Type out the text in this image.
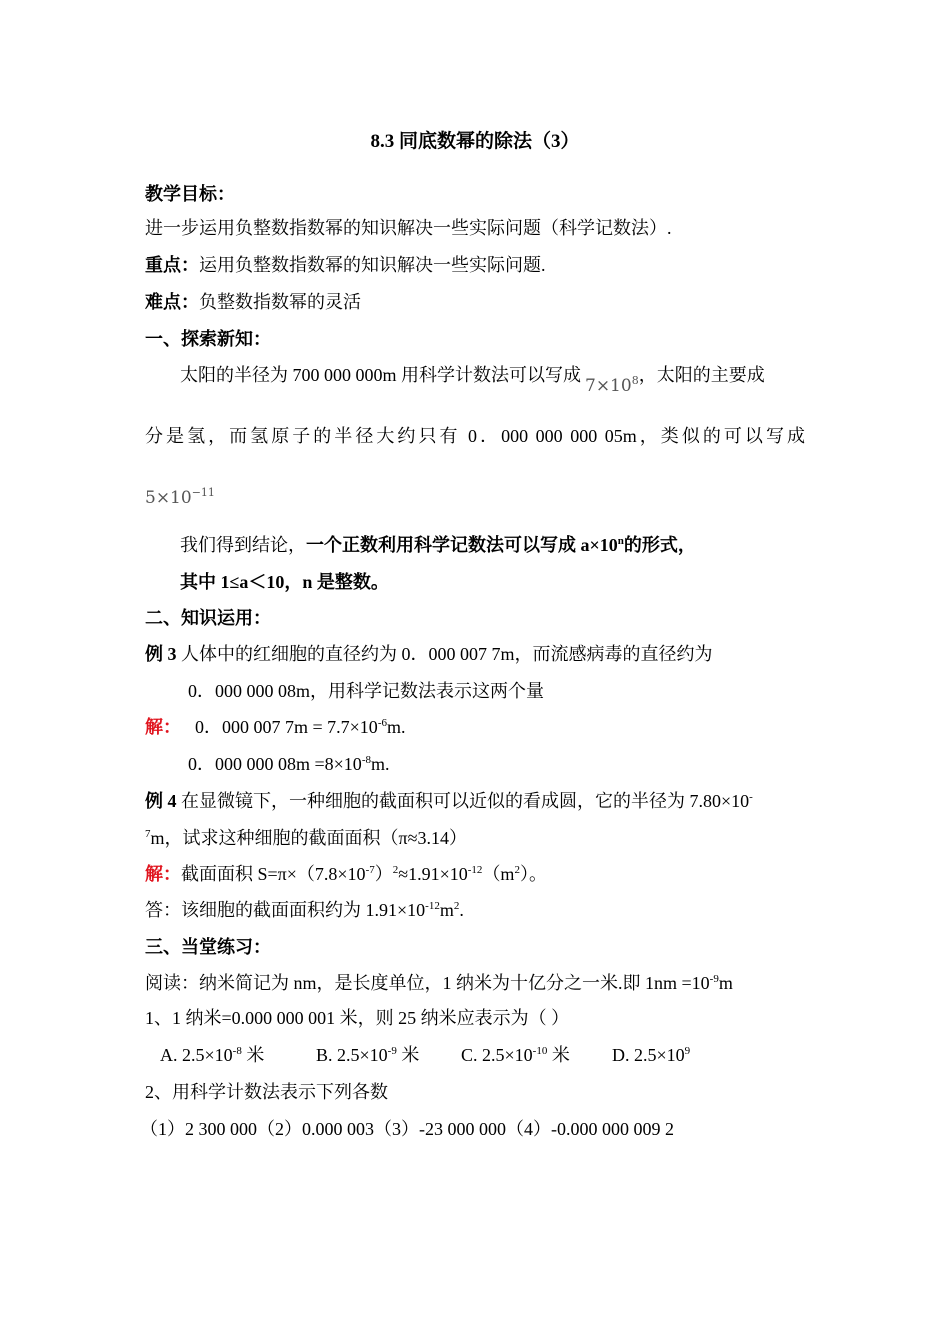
8.3 同底数幂的除法（3）
教学目标：
进一步运用负整数指数幂的知识解决一些实际问题（科学记数法）.
重点：运用负整数指数幂的知识解决一些实际问题.
难点：负整数指数幂的灵活
一、探索新知：
太阳的半径为 700 000 000m 用科学计数法可以写成$7\times 10^8$，太阳的主要成
分是氢，而氢原子的半径大约只有 0．000 000 000 05m，类似的可以写成
$5\times 10^{-11}$
我们得到结论，一个正数利用科学记数法可以写成 $a\times 10^n$的形式，
其中 1≤a＜10，n 是整数。
二、知识运用：
例 3 人体中的红细胞的直径约为 0．000 007 7m，而流感病毒的直径约为
0．000 000 08m，用科学记数法表示这两个量
解： 0．000 007 $7m = 7.7\times 10^{-6}m$.
0．000 000 $08m =8\times 10^{-8}m$.
例 4 在显微镜下，一种细胞的截面积可以近似的看成圆，它的半径为 7.80×10-
$^7$m，试求这种细胞的截面面积（π≈3.14）
解：截面面积 $S=\pi\times(7.8\times 10^{-7})^2\approx 1.91\times 10^{-12}(m^2)$。
答：该细胞的截面面积约为 $1.91\times 10^{-12}m^2$.
三、当堂练习：
阅读：纳米简记为 nm，是长度单位，1 纳米为十亿分之一米.即 $1nm =10^{-9}m$
1、1 纳米=0.000 000 001 米，则 25 纳米应表示为（ ）
A. $2.5\times 10^{-8}$ 米	B. $2.5\times 10^{-9}$ 米 C. $2.5\times 10^{-10}$ 米 D. $2.5\times 10^9$
2、用科学计数法表示下列各数
（1）2 300 000（2）0.000 003（3）-23 000 000（4）-0.000 000 009 2
